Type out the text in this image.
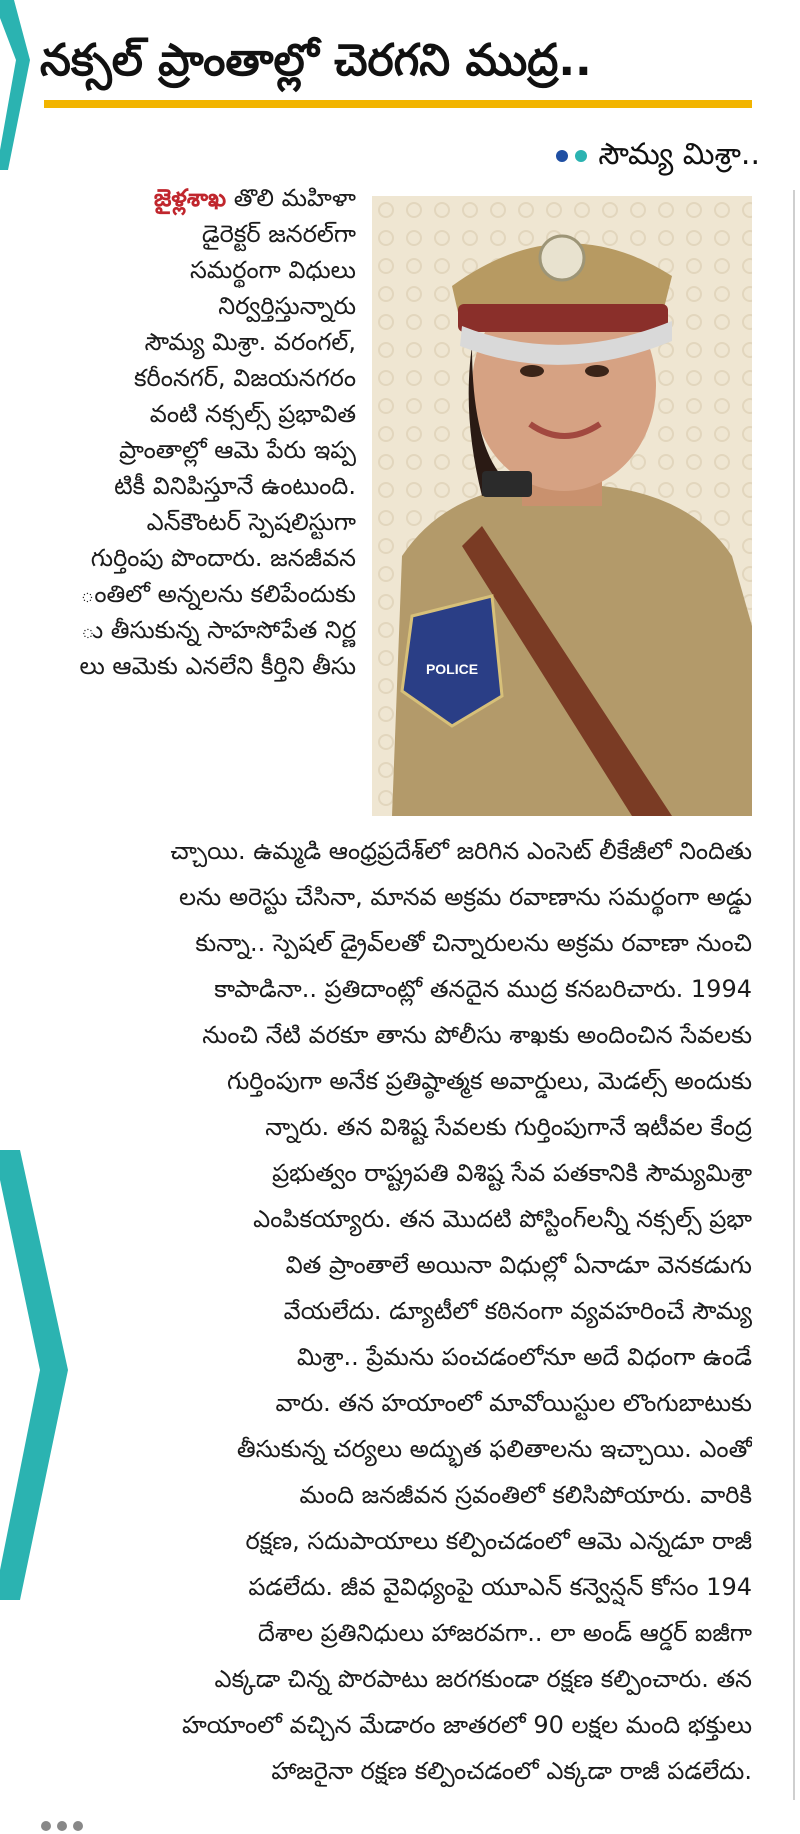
నక్సల్ ప్రాంతాల్లో చెరగని ముద్ర..
సౌమ్య మిశ్రా..
POLICE
జైళ్లశాఖ తొలి మహిళా
డైరెక్టర్ జనరల్‌గా
సమర్థంగా విధులు
నిర్వర్తిస్తున్నారు
సౌమ్య మిశ్రా. వరంగల్,
కరీంనగర్, విజయనగరం
వంటి నక్సల్స్ ప్రభావిత
ప్రాంతాల్లో ఆమె పేరు ఇప్ప
టికీ వినిపిస్తూనే ఉంటుంది.
ఎన్‌కౌంటర్ స్పెషలిస్టుగా
గుర్తింపు పొందారు. జనజీవన
ంతిలో అన్నలను కలిపేందుకు
ు తీసుకున్న సాహసోపేత నిర్ణ
లు ఆమెకు ఎనలేని కీర్తిని తీసు
చ్చాయి. ఉమ్మడి ఆంధ్రప్రదేశ్‌లో జరిగిన ఎంసెట్ లీకేజీలో నిందితు
లను అరెస్టు చేసినా, మానవ అక్రమ రవాణాను సమర్థంగా అడ్డు
కున్నా.. స్పెషల్ డ్రైవ్‌లతో చిన్నారులను అక్రమ రవాణా నుంచి
కాపాడినా.. ప్రతిదాంట్లో తనదైన ముద్ర కనబరిచారు. 1994
నుంచి నేటి వరకూ తాను పోలీసు శాఖకు అందించిన సేవలకు
గుర్తింపుగా అనేక ప్రతిష్ఠాత్మక అవార్డులు, మెడల్స్ అందుకు
న్నారు. తన విశిష్ట సేవలకు గుర్తింపుగానే ఇటీవల కేంద్ర
ప్రభుత్వం రాష్ట్రపతి విశిష్ట సేవ పతకానికి సౌమ్యమిశ్రా
ఎంపికయ్యారు. తన మొదటి పోస్టింగ్‌లన్నీ నక్సల్స్ ప్రభా
విత ప్రాంతాలే అయినా విధుల్లో ఏనాడూ వెనకడుగు
వేయలేదు. డ్యూటీలో కఠినంగా వ్యవహరించే సౌమ్య
మిశ్రా.. ప్రేమను పంచడంలోనూ అదే విధంగా ఉండే
వారు. తన హయాంలో మావోయిస్టుల లొంగుబాటుకు
తీసుకున్న చర్యలు అద్భుత ఫలితాలను ఇచ్చాయి. ఎంతో
మంది జనజీవన స్రవంతిలో కలిసిపోయారు. వారికి
రక్షణ, సదుపాయాలు కల్పించడంలో ఆమె ఎన్నడూ రాజీ
పడలేదు. జీవ వైవిధ్యంపై యూఎన్ కన్వెన్షన్ కోసం 194
దేశాల ప్రతినిధులు హాజరవగా.. లా అండ్ ఆర్డర్ ఐజీగా
ఎక్కడా చిన్న పొరపాటు జరగకుండా రక్షణ కల్పించారు. తన
హయాంలో వచ్చిన మేడారం జాతరలో 90 లక్షల మంది భక్తులు
హాజరైనా రక్షణ కల్పించడంలో ఎక్కడా రాజీ పడలేదు.
